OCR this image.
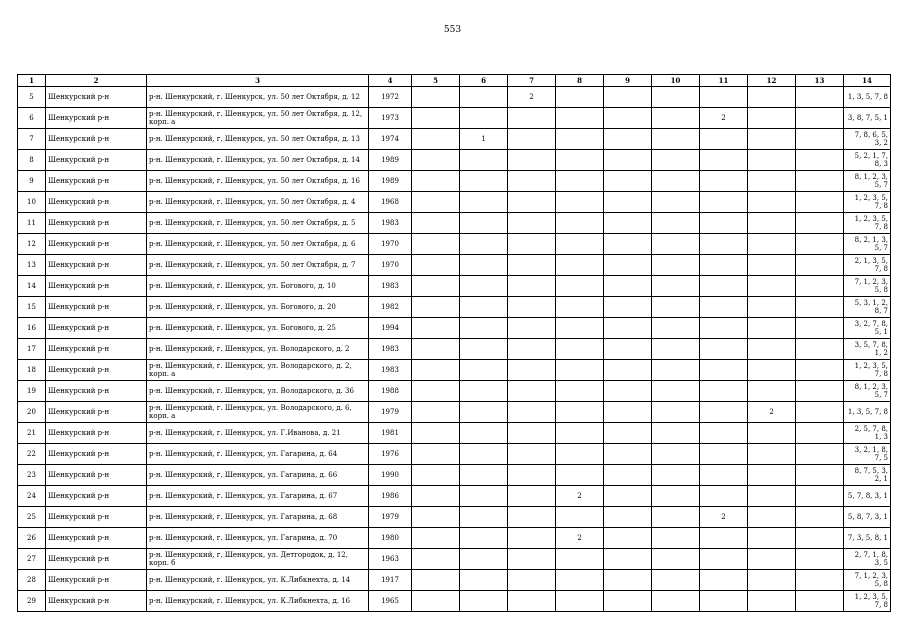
553
1	2	3	4	5	6	7	8	9	10	11	12	13	14
5	Шенкурский р-н	р-н. Шенкурский, г. Шенкурск, ул. 50 лет Октября, д. 12	1972			2							1, 3, 5, 7, 8
6	Шенкурский р-н	р-н. Шенкурский, г. Шенкурск, ул. 50 лет Октября, д. 12, корп. а	1973							2			3, 8, 7, 5, 1
7	Шенкурский р-н	р-н. Шенкурский, г. Шенкурск, ул. 50 лет Октября, д. 13	1974		1								7, 8, 6, 5, 3, 2
8	Шенкурский р-н	р-н. Шенкурский, г. Шенкурск, ул. 50 лет Октября, д. 14	1989										5, 2, 1, 7, 8, 3
9	Шенкурский р-н	р-н. Шенкурский, г. Шенкурск, ул. 50 лет Октября, д. 16	1989										8, 1, 2, 3, 5, 7
10	Шенкурский р-н	р-н. Шенкурский, г. Шенкурск, ул. 50 лет Октября, д. 4	1968										1, 2, 3, 5, 7, 8
11	Шенкурский р-н	р-н. Шенкурский, г. Шенкурск, ул. 50 лет Октября, д. 5	1983										1, 2, 3, 5, 7, 8
12	Шенкурский р-н	р-н. Шенкурский, г. Шенкурск, ул. 50 лет Октября, д. 6	1970										8, 2, 1, 3, 5, 7
13	Шенкурский р-н	р-н. Шенкурский, г. Шенкурск, ул. 50 лет Октября, д. 7	1970										2, 1, 3, 5, 7, 8
14	Шенкурский р-н	р-н. Шенкурский, г. Шенкурск, ул. Богового, д. 10	1983										7, 1, 2, 3, 5, 8
15	Шенкурский р-н	р-н. Шенкурский, г. Шенкурск, ул. Богового, д. 20	1982										5, 3, 1, 2, 8, 7
16	Шенкурский р-н	р-н. Шенкурский, г. Шенкурск, ул. Богового, д. 25	1994										3, 2, 7, 8, 5, 1
17	Шенкурский р-н	р-н. Шенкурский, г. Шенкурск, ул. Володарского, д. 2	1983										3, 5, 7, 8, 1, 2
18	Шенкурский р-н	р-н. Шенкурский, г. Шенкурск, ул. Володарского, д. 2, корп. а	1983										1, 2, 3, 5, 7, 8
19	Шенкурский р-н	р-н. Шенкурский, г. Шенкурск, ул. Володарского, д. 36	1988										8, 1, 2, 3, 5, 7
20	Шенкурский р-н	р-н. Шенкурский, г. Шенкурск, ул. Володарского, д. 6, корп. а	1979								2		1, 3, 5, 7, 8
21	Шенкурский р-н	р-н. Шенкурский, г. Шенкурск, ул. Г.Иванова, д. 21	1981										2, 5, 7, 8, 1, 3
22	Шенкурский р-н	р-н. Шенкурский, г. Шенкурск, ул. Гагарина, д. 64	1976										3, 2, 1, 8, 7, 5
23	Шенкурский р-н	р-н. Шенкурский, г. Шенкурск, ул. Гагарина, д. 66	1990										8, 7, 5, 3, 2, 1
24	Шенкурский р-н	р-н. Шенкурский, г. Шенкурск, ул. Гагарина, д. 67	1986				2						5, 7, 8, 3, 1
25	Шенкурский р-н	р-н. Шенкурский, г. Шенкурск, ул. Гагарина, д. 68	1979							2			5, 8, 7, 3, 1
26	Шенкурский р-н	р-н. Шенкурский, г. Шенкурск, ул. Гагарина, д. 70	1980				2						7, 3, 5, 8, 1
27	Шенкурский р-н	р-н. Шенкурский, г. Шенкурск, ул. Детгородок, д. 12, корп. б	1963										2, 7, 1, 8, 3, 5
28	Шенкурский р-н	р-н. Шенкурский, г. Шенкурск, ул. К.Либкнехта, д. 14	1917										7, 1, 2, 3, 5, 8
29	Шенкурский р-н	р-н. Шенкурский, г. Шенкурск, ул. К.Либкнехта, д. 16	1965										1, 2, 3, 5, 7, 8
